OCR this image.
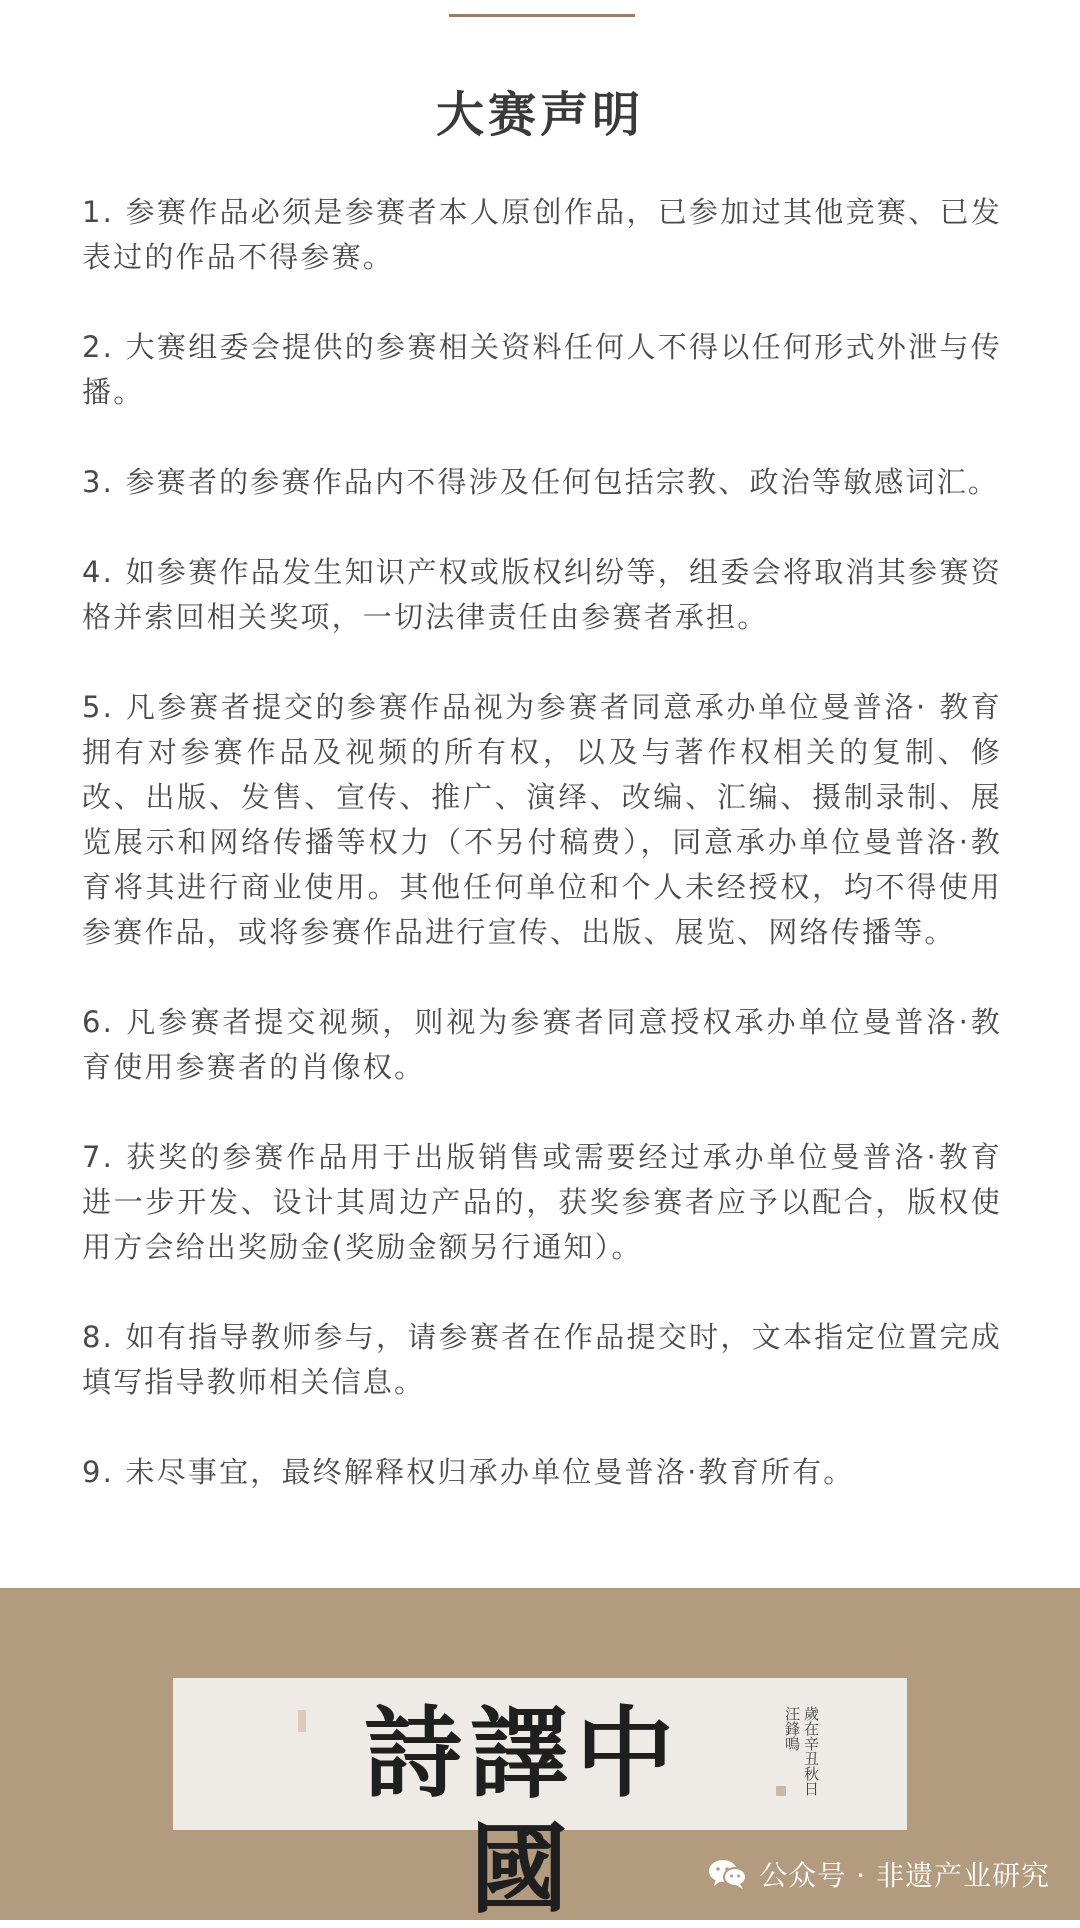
大赛声明
1. 参赛作品必须是参赛者本人原创作品，已参加过其他竞赛、已发表过的作品不得参赛。
2. 大赛组委会提供的参赛相关资料任何人不得以任何形式外泄与传播。
3. 参赛者的参赛作品内不得涉及任何包括宗教、政治等敏感词汇。
4. 如参赛作品发生知识产权或版权纠纷等，组委会将取消其参赛资格并索回相关奖项，一切法律责任由参赛者承担。
5. 凡参赛者提交的参赛作品视为参赛者同意承办单位曼普洛· 教育拥有对参赛作品及视频的所有权，以及与著作权相关的复制、修改、出版、发售、宣传、推广、演绎、改编、汇编、摄制录制、展览展示和网络传播等权力（不另付稿费），同意承办单位曼普洛·教育将其进行商业使用。其他任何单位和个人未经授权，均不得使用参赛作品，或将参赛作品进行宣传、出版、展览、网络传播等。
6. 凡参赛者提交视频，则视为参赛者同意授权承办单位曼普洛·教育使用参赛者的肖像权。
7. 获奖的参赛作品用于出版销售或需要经过承办单位曼普洛·教育进一步开发、设计其周边产品的，获奖参赛者应予以配合，版权使用方会给出奖励金(奖励金额另行通知）。
8. 如有指导教师参与，请参赛者在作品提交时，文本指定位置完成填写指导教师相关信息。
9. 未尽事宜，最终解释权归承办单位曼普洛·教育所有。
詩譯中國
歲在辛丑秋日
汪鋒鳴
公众号 · 非遗产业研究
